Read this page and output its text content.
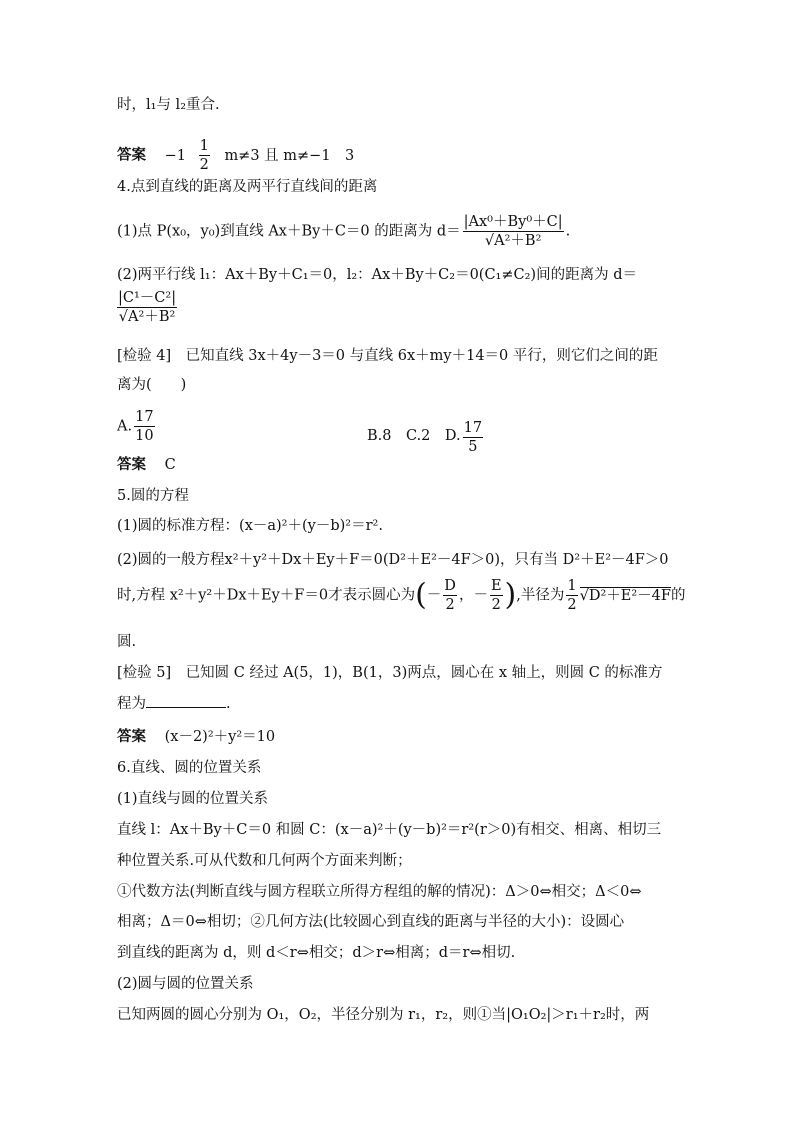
时，l₁与 l₂重合.
答案 $-1 \frac{1}{2} m\ne 3$ 且 m≠−1　3
4.点到直线的距离及两平行直线间的距离
(1)点 P(x₀，y₀)到直线 Ax＋By＋C＝0 的距离为 $d= \frac{\text{|Ax⁰＋By⁰＋C|}}{\text{√A²＋B²}}$ .
(2)两平行线 l₁：Ax＋By＋C₁＝0，l₂：Ax＋By＋C₂＝0(C₁≠C₂)间的距离为 d＝
$\frac{\text{|C¹－C²|}}{\text{√A²＋B²}}$
[检验 4]　已知直线 3x＋4y－3＝0 与直线 6x＋my＋14＝0 平行，则它们之间的距
离为(　　)
A. $\frac{17}{10}$	B.8　C.2　D. $\frac{17}{5}$
答案 C
5.圆的方程
(1)圆的标准方程：(x－a)²＋(y－b)²＝r².
(2)圆的一般方程x²＋y²＋Dx＋Ey＋F＝0(D²＋E²－4F＞0)，只有当 D²＋E²－4F＞0
时,方程 x²＋y²＋Dx＋Ey＋F＝0才表示圆心为(－ $\frac{D}{2}$ ，－ $\frac{E}{2}$ ),半径为 $\frac{1}{2} √D^2+E^2-4F$的
圆.
[检验 5]　已知圆 C 经过 A(5，1)，B(1，3)两点，圆心在 x 轴上，则圆 C 的标准方
程为	.
答案 (x－2)²＋y²＝10
6.直线、圆的位置关系
(1)直线与圆的位置关系
直线 l：Ax＋By＋C＝0 和圆 C：(x－a)²＋(y－b)²＝r²(r＞0)有相交、相离、相切三
种位置关系.可从代数和几何两个方面来判断；
①代数方法(判断直线与圆方程联立所得方程组的解的情况)：Δ＞0⇔相交；Δ＜0⇔
相离；Δ＝0⇔相切；②几何方法(比较圆心到直线的距离与半径的大小)：设圆心
到直线的距离为 d，则 d＜r⇔相交；d＞r⇔相离；d＝r⇔相切.
(2)圆与圆的位置关系
已知两圆的圆心分别为 O₁，O₂，半径分别为 r₁，r₂，则①当|O₁O₂|＞r₁＋r₂时，两
